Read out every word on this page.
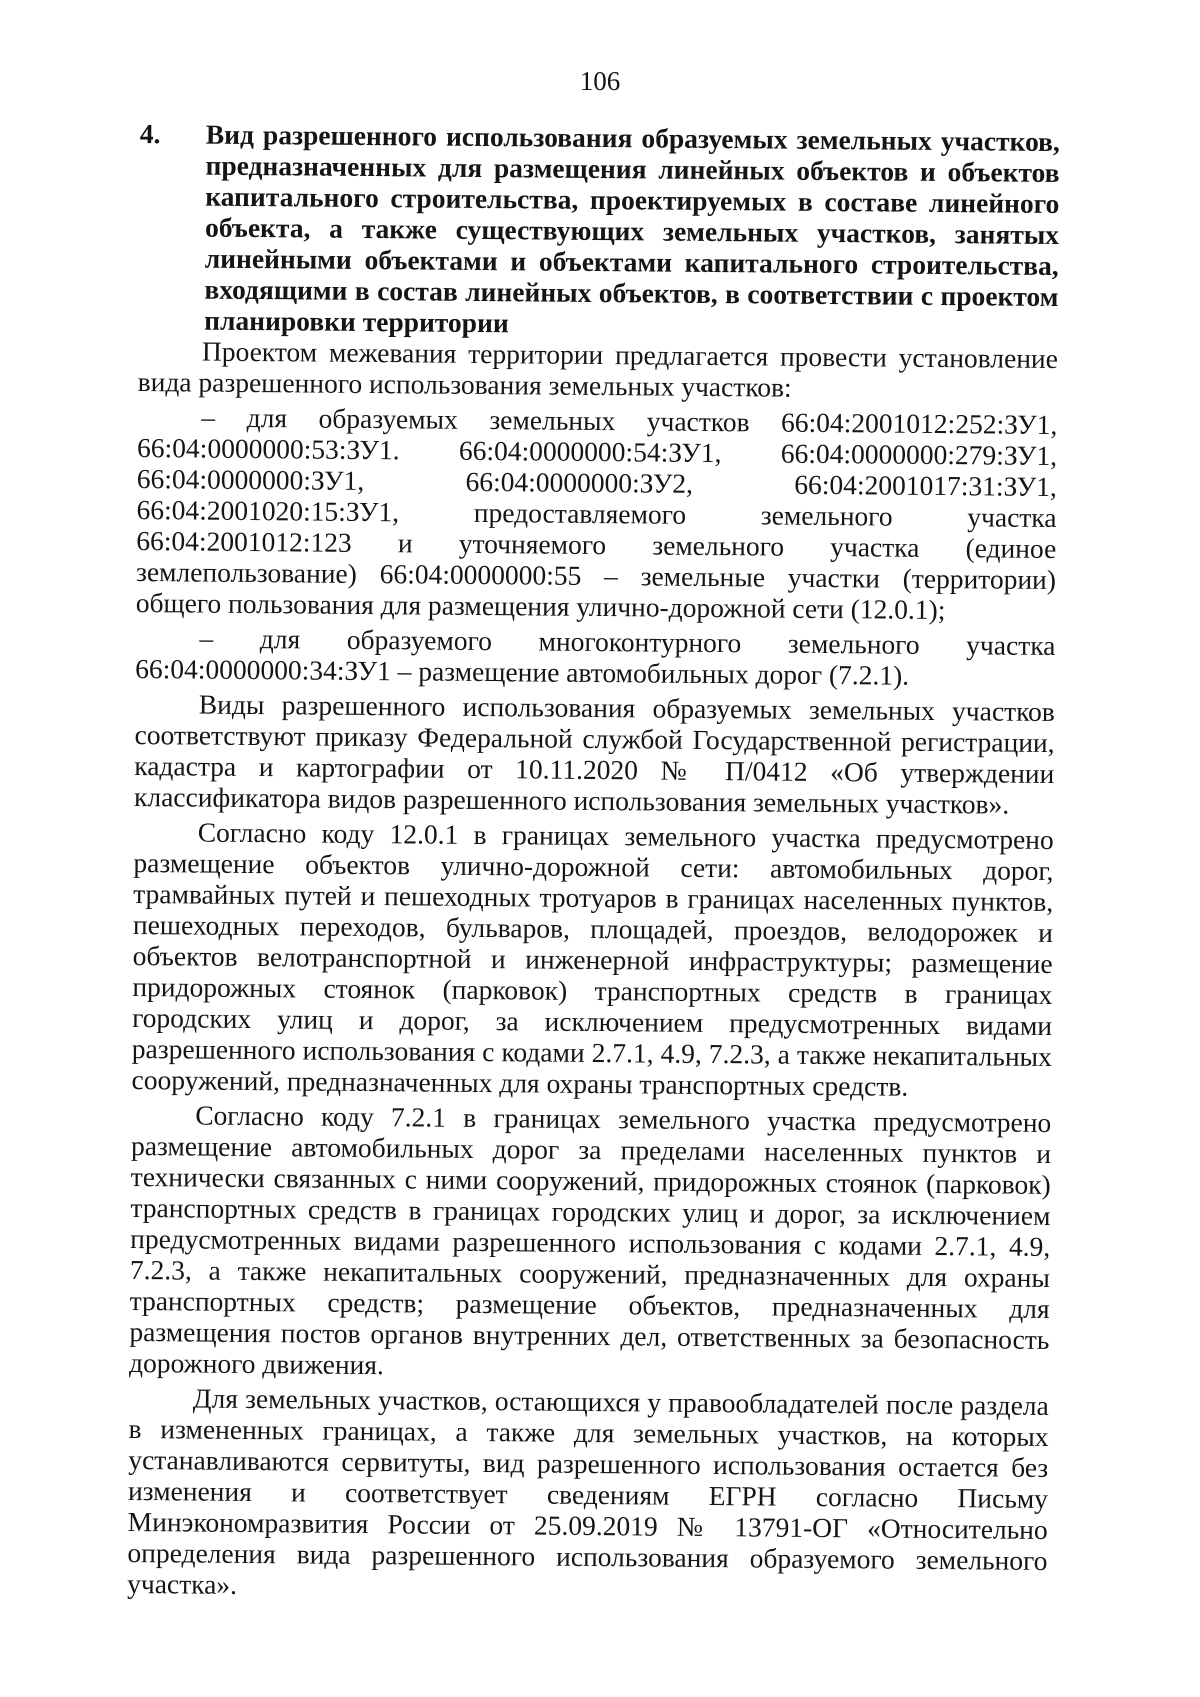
106
4.	Вид разрешенного использования образуемых земельных участков, предназначенных для размещения линейных объектов и объектов капитального строительства, проектируемых в составе линейного объекта, а также существующих земельных участков, занятых линейными объектами и объектами капитального строительства, входящими в состав линейных объектов, в соответствии с проектом планировки территории

Проектом межевания территории предлагается провести установление вида разрешенного использования земельных участков:

– для образуемых земельных участков 66:04:2001012:252:ЗУ1, 66:04:0000000:53:ЗУ1. 66:04:0000000:54:ЗУ1, 66:04:0000000:279:ЗУ1, 66:04:0000000:ЗУ1, 66:04:0000000:ЗУ2, 66:04:2001017:31:ЗУ1, 66:04:2001020:15:ЗУ1, предоставляемого земельного участка 66:04:2001012:123 и уточняемого земельного участка (единое землепользование) 66:04:0000000:55 – земельные участки (территории) общего пользования для размещения улично-дорожной сети (12.0.1);

– для образуемого многоконтурного земельного участка 66:04:0000000:34:ЗУ1 – размещение автомобильных дорог (7.2.1).

Виды разрешенного использования образуемых земельных участков соответствуют приказу Федеральной службой Государственной регистрации, кадастра и картографии от 10.11.2020 № П/0412 «Об утверждении классификатора видов разрешенного использования земельных участков».

Согласно коду 12.0.1 в границах земельного участка предусмотрено размещение объектов улично-дорожной сети: автомобильных дорог, трамвайных путей и пешеходных тротуаров в границах населенных пунктов, пешеходных переходов, бульваров, площадей, проездов, велодорожек и объектов велотранспортной и инженерной инфраструктуры; размещение придорожных стоянок (парковок) транспортных средств в границах городских улиц и дорог, за исключением предусмотренных видами разрешенного использования с кодами 2.7.1, 4.9, 7.2.3, а также некапитальных сооружений, предназначенных для охраны транспортных средств.

Согласно коду 7.2.1 в границах земельного участка предусмотрено размещение автомобильных дорог за пределами населенных пунктов и технически связанных с ними сооружений, придорожных стоянок (парковок) транспортных средств в границах городских улиц и дорог, за исключением предусмотренных видами разрешенного использования с кодами 2.7.1, 4.9, 7.2.3, а также некапитальных сооружений, предназначенных для охраны транспортных средств; размещение объектов, предназначенных для размещения постов органов внутренних дел, ответственных за безопасность дорожного движения.

Для земельных участков, остающихся у правообладателей после раздела в измененных границах, а также для земельных участков, на которых устанавливаются сервитуты, вид разрешенного использования остается без изменения и соответствует сведениям ЕГРН согласно Письму Минэкономразвития России от 25.09.2019 № 13791-ОГ «Относительно определения вида разрешенного использования образуемого земельного участка».
